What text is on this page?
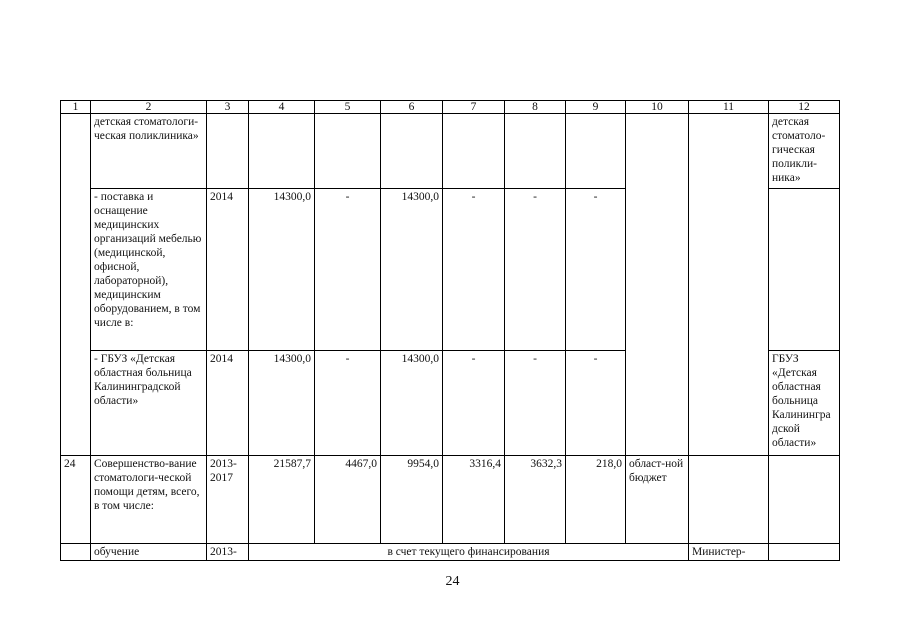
1	2	3	4	5	6	7	8	9	10	11	12
	детская стоматологи-ческая поликлиника»										детская стоматоло-гическая поликли-ника»
	- поставка и оснащение медицинских организаций мебелью (медицинской, офисной, лабораторной), медицинским оборудованием, в том числе в:	2014	14300,0	-	14300,0	-	-	-			
	- ГБУЗ «Детская областная больница Калининградской области»	2014	14300,0	-	14300,0	-	-	-			ГБУЗ «Детская областная больница Калинингра дской области»
24	Совершенство-вание стоматологи-ческой помощи детям, всего, в том числе:	2013-2017	21587,7	4467,0	9954,0	3316,4	3632,3	218,0	област-ной бюджет		
	обучение	2013-	в счет текущего финансирования							Министер-	
24
